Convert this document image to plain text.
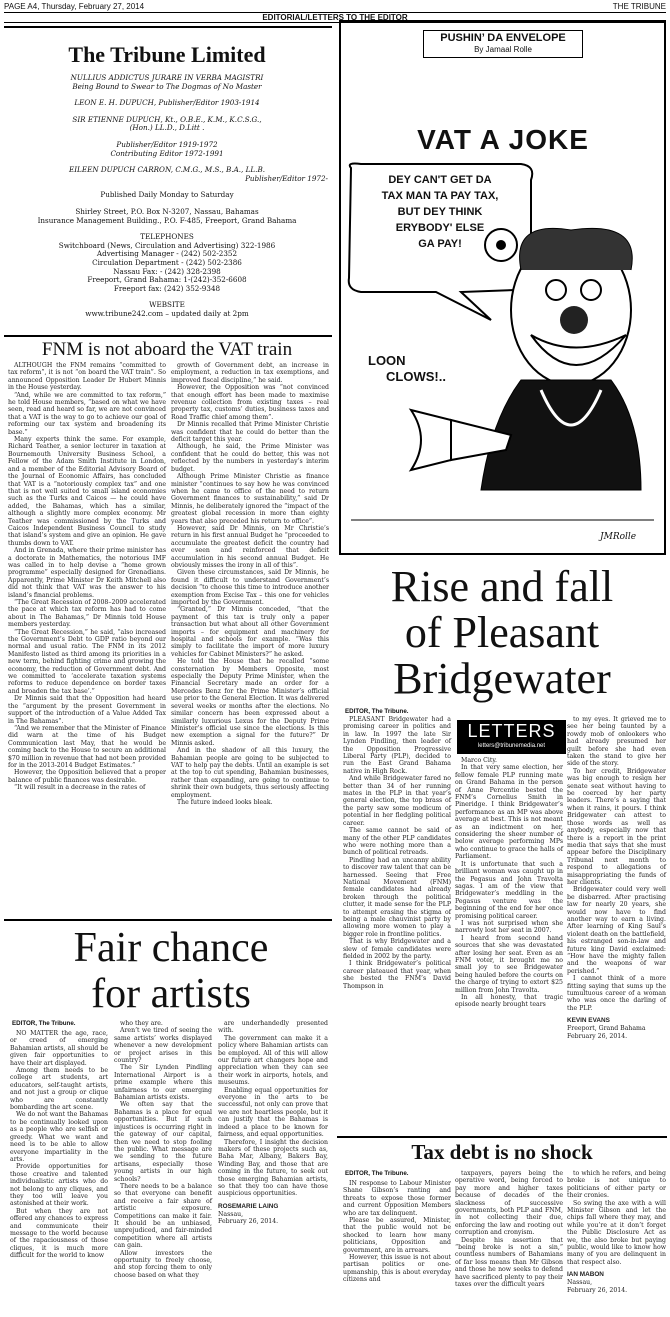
PAGE A4, Thursday, February 27, 2014	THE TRIBUNE
EDITORIAL/LETTERS TO THE EDITOR
The Tribune Limited
NULLIUS ADDICTUS JURARE IN VERBA MAGISTRI
Being Bound to Swear to The Dogmas of No Master
LEON E. H. DUPUCH, Publisher/Editor 1903-1914
SIR ETIENNE DUPUCH, Kt., O.B.E., K.M., K.C.S.G.,
(Hon.) LL.D., D.Litt .
Publisher/Editor 1919-1972
Contributing Editor 1972-1991
EILEEN DUPUCH CARRON, C.M.G., M.S., B.A., LL.B.
Publisher/Editor 1972-
Published Daily Monday to Saturday
Shirley Street, P.O. Box N-3207, Nassau, Bahamas
Insurance Management Building., P.O. F-485, Freeport, Grand Bahama
TELEPHONES
Switchboard (News, Circulation and Advertising) 322-1986
Advertising Manager - (242) 502-2352
Circulation Department - (242) 502-2386
Nassau Fax: - (242) 328-2398
Freeport, Grand Bahama: 1-(242)-352-6608
Freeport fax: (242) 352-9348
WEBSITE
www.tribune242.com – updated daily at 2pm
FNM is not aboard the VAT train

ALTHOUGH the FNM remains “committed to tax reform”, it is not “on board the VAT train”. So announced Opposition Leader Dr Hubert Minnis in the House yesterday.

“And, while we are committed to tax reform,” he told House members, “based on what we have seen, read and heard so far, we are not convinced that a VAT is the way to go to achieve our goal of reforming our tax system and broadening its base.”

Many experts think the same. For example, Richard Teather, a senior lecturer in taxation at Bournemouth University Business School, a Fellow of the Adam Smith Institute in London, and a member of the Editorial Advisory Board of the Journal of Economic Affairs, has concluded that VAT is a “notoriously complex tax” and one that is not well suited to small island economies such as the Turks and Caicos — he could have added, the Bahamas, which has a similar, although a slightly more complex economy. Mr Teather was commissioned by the Turks and Caicos Independent Business Council to study that island’s system and give an opinion. He gave thumbs down to VAT.

And in Grenada, where their prime minister has a doctorate in Mathematics, the notorious IMF was called in to help devise a “home grown programme” especially designed for Grenadians. Apparently, Prime Minister Dr Keith Mitchell also did not think that VAT was the answer to his island’s financial problems.

“The Great Recession of 2008–2009 accelerated the pace at which tax reform has had to come about in The Bahamas,” Dr Minnis told House members yesterday.

“The Great Recession,” he said, “also increased the Government’s Debt to GDP ratio beyond our normal and usual ratio. The FNM in its 2012 Manifesto listed as third among its priorities in a new term, behind fighting crime and growing the economy, the reduction of Government debt. And we committed to ‘accelerate taxation systems reforms to reduce dependence on border taxes and broaden the tax base’.”

Dr Minnis said that the Opposition had heard the “argument by the present Government in support of the introduction of a Value Added Tax in The Bahamas”.

“And we remember that the Minister of Finance did warn at the time of his Budget Communication last May, that he would be coming back to the House to secure an additional $70 million in revenue that had not been provided for in the 2013-2014 Budget Estimates.”

However, the Opposition believed that a proper balance of public finances was desirable.

“It will result in a decrease in the rates of

growth of Government debt, an increase in employment, a reduction in tax exemptions, and improved fiscal discipline,” he said.

However, the Opposition was “not convinced that enough effort has been made to maximise revenue collection from existing taxes – real property tax, customs’ duties, business taxes and Road Traffic chief among them”.

Dr Minnis recalled that Prime Minister Christie was confident that he could do better than the deficit target this year.

Although, he said, the Prime Minister was confident that he could do better, this was not reflected by the numbers in yesterday’s interim budget.

Although Prime Minister Christie as finance minister “continues to say how he was convinced when he came to office of the need to return Government finances to sustainability,” said Dr Minnis, he deliberately ignored the “impact of the greatest global recession in more than eighty years that also preceded his return to office”.

However, said Dr Minnis, on Mr Christie’s return in his first annual Budget he “proceeded to accumulate the greatest deficit the country had ever seen and reinforced that deficit accumulation in his second annual Budget. He obviously misses the irony in all of this”.

Given these circumstances, said Dr Minnis, he found it difficult to understand Government’s decision “to choose this time to introduce another exemption from Excise Tax – this one for vehicles imported by the Government.

“Granted,” Dr Minnis conceded, “that the payment of this tax is truly only a paper transaction but what about all other Government imports – for equipment and machinery for hospital and schools for example. “Was this simply to facilitate the import of more luxury vehicles for Cabinet Ministers?” he asked.

He told the House that he recalled “some consternation by Members Opposite, most especially the Deputy Prime Minister, when the Financial Secretary made an order for a Mercedes Benz for the Prime Minister’s official use prior to the General Election. It was delivered several weeks or months after the elections. No similar concern has been expressed about a similarly luxurious Lexus for the Deputy Prime Minister’s official use since the elections. Is this new exemption a signal for the future?” Dr Minnis asked.

And in the shadow of all this luxury, the Bahamian people are going to be subjected to VAT to help pay the debts. Until an example is set at the top to cut spending, Bahamian businesses, rather than expanding, are going to continue to shrink their own budgets, thus seriously affecting employment.

The future indeed looks bleak.

PUSHIN’ DA ENVELOPE
By Jamaal Rolle
VAT A JOKE
DEY CAN'T GET DA
TAX MAN TA PAY TAX,
BUT DEY THINK
ERYBODY' ELSE
GA PAY!
LOON
CLOWS!..
JMRolle
Rise and fall
of Pleasant
Bridgewater
EDITOR, The Tribune.
LETTERS
letters@tribunemedia.net

PLEASANT Bridgewater had a promising career in politics and in law. In 1997 the late Sir Lynden Pindling, then leader of the Opposition Progressive Liberal Party (PLP), decided to run the East Grand Bahama native in High Rock.

And while Bridgewater fared no better than 34 of her running mates in the PLP in that year’s general election, the top brass of the party saw some modicum of potential in her fledgling political career.

The same cannot be said of many of the other PLP candidates who were nothing more than a bunch of political retreads.

Pindling had an uncanny ability to discover raw talent that can be harnessed. Seeing that Free National Movement (FNM) female candidates had already broken through the political clutter, it made sense for the PLP to attempt erasing the stigma of being a male chauvinist party by allowing more women to play a bigger role in frontline politics.

That is why Bridgewater and a slew of female candidates were fielded in 2002 by the party.

I think Bridgewater’s political career plateaued that year, when she bested the FNM’s David Thompson in

Marco City.

In that very same election, her fellow female PLP running mate on Grand Bahama in the person of Anne Percentie bested the FNM’s Cornelius Smith in Pineridge. I think Bridgewater’s performance as an MP was above average at best. This is not meant as an indictment on her, considering the sheer number of below average performing MPs who continue to grace the halls of Parliament.

It is unfortunate that such a brilliant woman was caught up in the Pegasus and John Travolta sagas. I am of the view that Bridgewater’s meddling in the Pegasus venture was the beginning of the end for her once promising political career.

I was not surprised when she narrowly lost her seat in 2007.

I heard from second hand sources that she was devastated after losing her seat. Even as an FNM voter, it brought me no small joy to see Bridgewater being hauled before the courts on the charge of trying to extort $25 million from John Travolta.

In all honesty, that tragic episode nearly brought tears

to my eyes. It grieved me to see her being taunted by a rowdy mob of onlookers who had already presumed her guilt before she had even taken the stand to give her side of the story.

To her credit, Bridgewater was big enough to resign her senate seat without having to be coerced by her party leaders. There’s a saying that when it rains, it pours. I think Bridgewater can attest to those words as well as anybody, especially now that there is a report in the print media that says that she must appear before the Disciplinary Tribunal next month to respond to allegations of misappropriating the funds of her clients.

Bridgewater could very well be disbarred. After practising law for nearly 20 years, she would now have to find another way to earn a living. After learning of King Saul’s violent death on the battlefield, his estranged son-in-law and future king David exclaimed: “How have the mighty fallen and the weapons of war perished.”

I cannot think of a more fitting saying that sums up the tumultuous career of a woman who was once the darling of the PLP.

KEVIN EVANS
Freeport, Grand Bahama
February 26, 2014.
Fair chance
for artists
EDITOR, The Tribune.

NO MATTER the age, race, or creed of emerging Bahamian artists, all should be given fair opportunities to have their art displayed.

Among them needs to be college art students, art educators, self-taught artists, and not just a group or clique who are constantly bombarding the art scene.

We do not want the Bahamas to be continually looked upon as a people who are selfish or greedy. What we want and need is to be able to allow everyone impartiality in the arts.

Provide opportunities for those creative and talented individualistic artists who do not belong to any cliques, and they too will leave you astonished at their work.

But when they are not offered any chances to express and communicate their message to the world because of the rapaciousness of those cliques, it is much more difficult for the world to know

who they are.

Aren’t we tired of seeing the same artists’ works displayed whenever a new development or project arises in this country?

The Sir Lynden Pindling International Airport is a prime example where this unfairness to our emerging Bahamian artists exists.

We often say that the Bahamas is a place for equal opportunities. But if such injustices is occurring right in the gateway of our capital, then we need to stop fooling the public. What message are we sending to the future artisans, especially those young artists in our high schools?

There needs to be a balance so that everyone can benefit and receive a fair share of artistic exposure. Competitions can make it fair. It should be an unbiased, unprejudiced, and fair-minded competition where all artists can gain.

Allow investors the opportunity to freely choose, and stop forcing them to only choose based on what they

are underhandedly presented with.

The government can make it a policy where Bahamian artists can be employed. All of this will allow our future art changers hope and appreciation when they can see their work in airports, hotels, and museums.

Enabling equal opportunities for everyone in the arts to be successful, not only can prove that we are not heartless people, but it can justify that the Bahamas is indeed a place to be known for fairness, and equal opportunities.

Therefore, I insight the decision makers of these projects such as, Baha Mar, Albany, Bakers Bay, Winding Bay, and those that are coming in the future, to seek out those emerging Bahamian artists, so that they too can have those auspicious opportunities.

ROSEMARIE LAING
Nassau,
February 26, 2014.
Tax debt is no shock
EDITOR, The Tribune.

IN response to Labour Minister Shane Gibson’s ranting and threats to expose those former and current Opposition Members who are tax delinquent.

Please be assured, Minister, that the public would not be shocked to learn how many politicians, Opposition and government, are in arrears.

However, this issue is not about partisan politics or one-upmanship, this is about everyday citizens and

taxpayers, payers being the operative word, being forced to pay more and higher taxes because of decades of the slackness of successive governments, both PLP and FNM, in not collecting their due, enforcing the law and rooting out corruption and cronyism.

Despite his assertion that “being broke is not a sin,” countless numbers of Bahamians of far less means than Mr Gibson and those he now seeks to defend have sacrificed plenty to pay their taxes over the difficult years

to which he refers, and being broke is not unique to politicians of either party or their cronies.

So swing the axe with a will Minister Gibson and let the chips fall where they may, and while you’re at it don’t forget the Public Disclosure Act as we, the also broke but paying public, would like to know how many of you are delinquent in that respect also.

IAN MABON
Nassau,
February 26, 2014.
